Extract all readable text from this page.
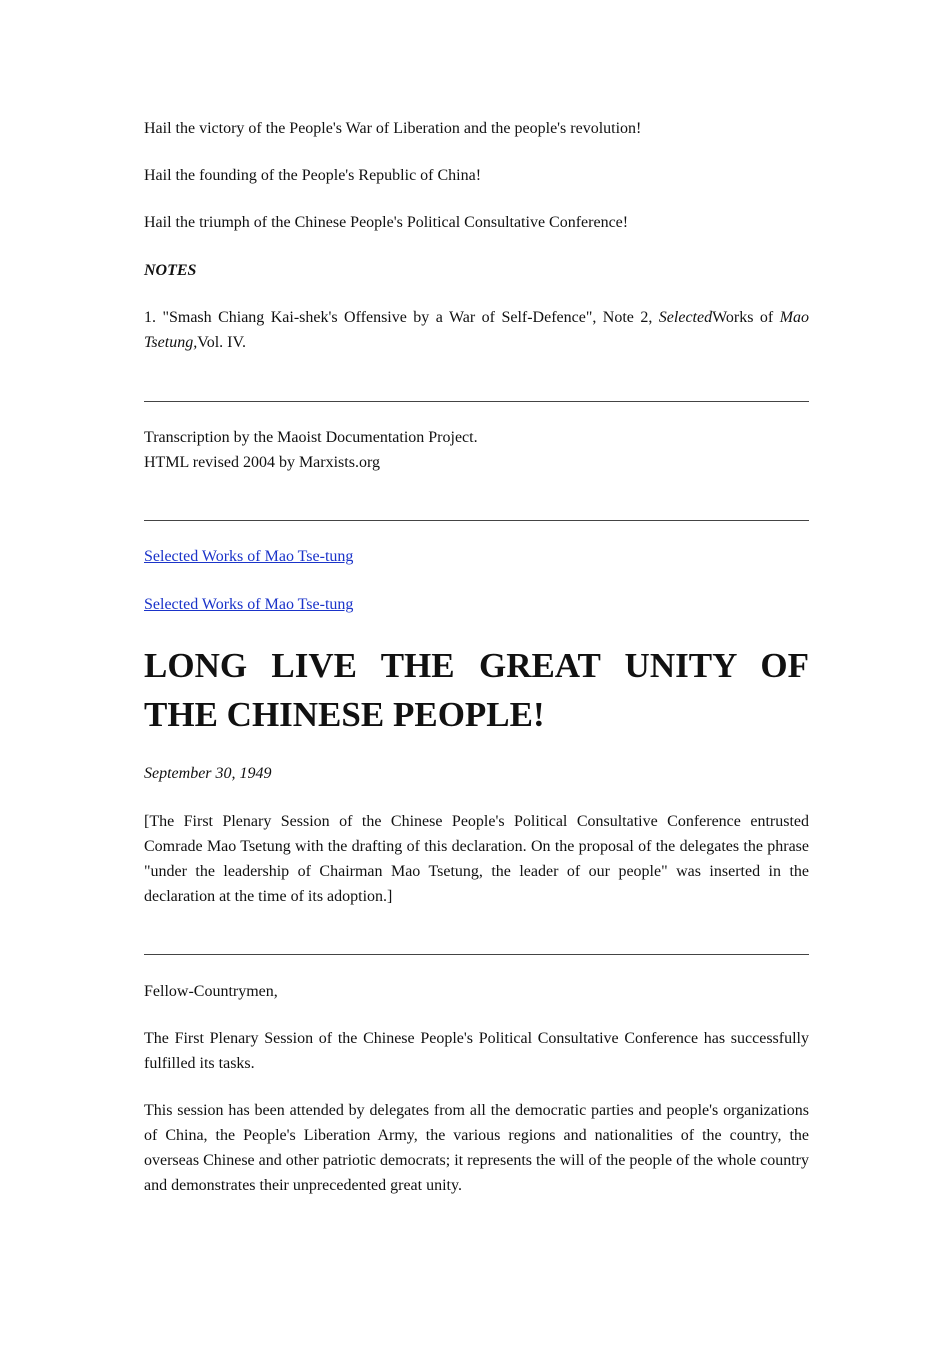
Hail the victory of the People's War of Liberation and the people's revolution!

Hail the founding of the People's Republic of China!

Hail the triumph of the Chinese People's Political Consultative Conference!

NOTES

1. "Smash Chiang Kai-shek's Offensive by a War of Self-Defence", Note 2, SelectedWorks of Mao Tsetung,Vol. IV.

Transcription by the Maoist Documentation Project.

HTML revised 2004 by Marxists.org

Selected Works of Mao Tse-tung

Selected Works of Mao Tse-tung

LONG LIVE THE GREAT UNITY OF THE CHINESE PEOPLE!

September 30, 1949

[The First Plenary Session of the Chinese People's Political Consultative Conference entrusted Comrade Mao Tsetung with the drafting of this declaration. On the proposal of the delegates the phrase "under the leadership of Chairman Mao Tsetung, the leader of our people" was inserted in the declaration at the time of its adoption.]

Fellow-Countrymen,

The First Plenary Session of the Chinese People's Political Consultative Conference has successfully fulfilled its tasks.

This session has been attended by delegates from all the democratic parties and people's organizations of China, the People's Liberation Army, the various regions and nationalities of the country, the overseas Chinese and other patriotic democrats; it represents the will of the people of the whole country and demonstrates their unprecedented great unity.
